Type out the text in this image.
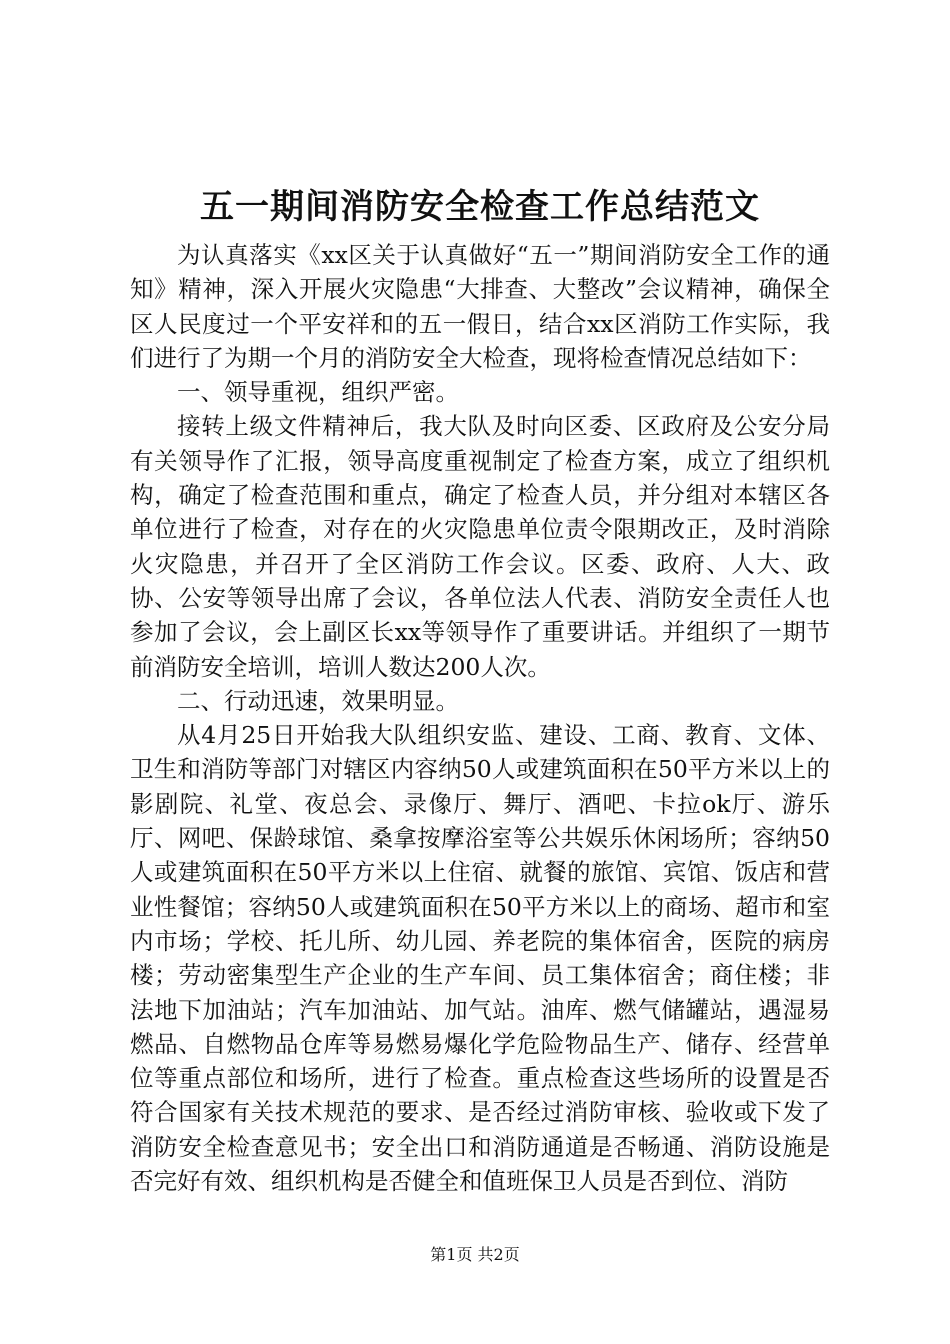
五一期间消防安全检查工作总结范文

为认真落实《xx区关于认真做好“五一”期间消防安全工作的通知》精神，深入开展火灾隐患“大排查、大整改”会议精神，确保全区人民度过一个平安祥和的五一假日，结合xx区消防工作实际，我们进行了为期一个月的消防安全大检查，现将检查情况总结如下：

一、领导重视，组织严密。

接转上级文件精神后，我大队及时向区委、区政府及公安分局有关领导作了汇报，领导高度重视制定了检查方案，成立了组织机构，确定了检查范围和重点，确定了检查人员，并分组对本辖区各单位进行了检查，对存在的火灾隐患单位责令限期改正，及时消除火灾隐患，并召开了全区消防工作会议。区委、政府、人大、政协、公安等领导出席了会议，各单位法人代表、消防安全责任人也参加了会议，会上副区长xx等领导作了重要讲话。并组织了一期节前消防安全培训，培训人数达200人次。

二、行动迅速，效果明显。

从4月25日开始我大队组织安监、建设、工商、教育、文体、卫生和消防等部门对辖区内容纳50人或建筑面积在50平方米以上的影剧院、礼堂、夜总会、录像厅、舞厅、酒吧、卡拉ok厅、游乐厅、网吧、保龄球馆、桑拿按摩浴室等公共娱乐休闲场所；容纳50人或建筑面积在50平方米以上住宿、就餐的旅馆、宾馆、饭店和营业性餐馆；容纳50人或建筑面积在50平方米以上的商场、超市和室内市场；学校、托儿所、幼儿园、养老院的集体宿舍，医院的病房楼；劳动密集型生产企业的生产车间、员工集体宿舍；商住楼；非法地下加油站；汽车加油站、加气站。油库、燃气储罐站，遇湿易燃品、自燃物品仓库等易燃易爆化学危险物品生产、储存、经营单位等重点部位和场所，进行了检查。重点检查这些场所的设置是否符合国家有关技术规范的要求、是否经过消防审核、验收或下发了消防安全检查意见书；安全出口和消防通道是否畅通、消防设施是否完好有效、组织机构是否健全和值班保卫人员是否到位、消防

第1页 共2页
